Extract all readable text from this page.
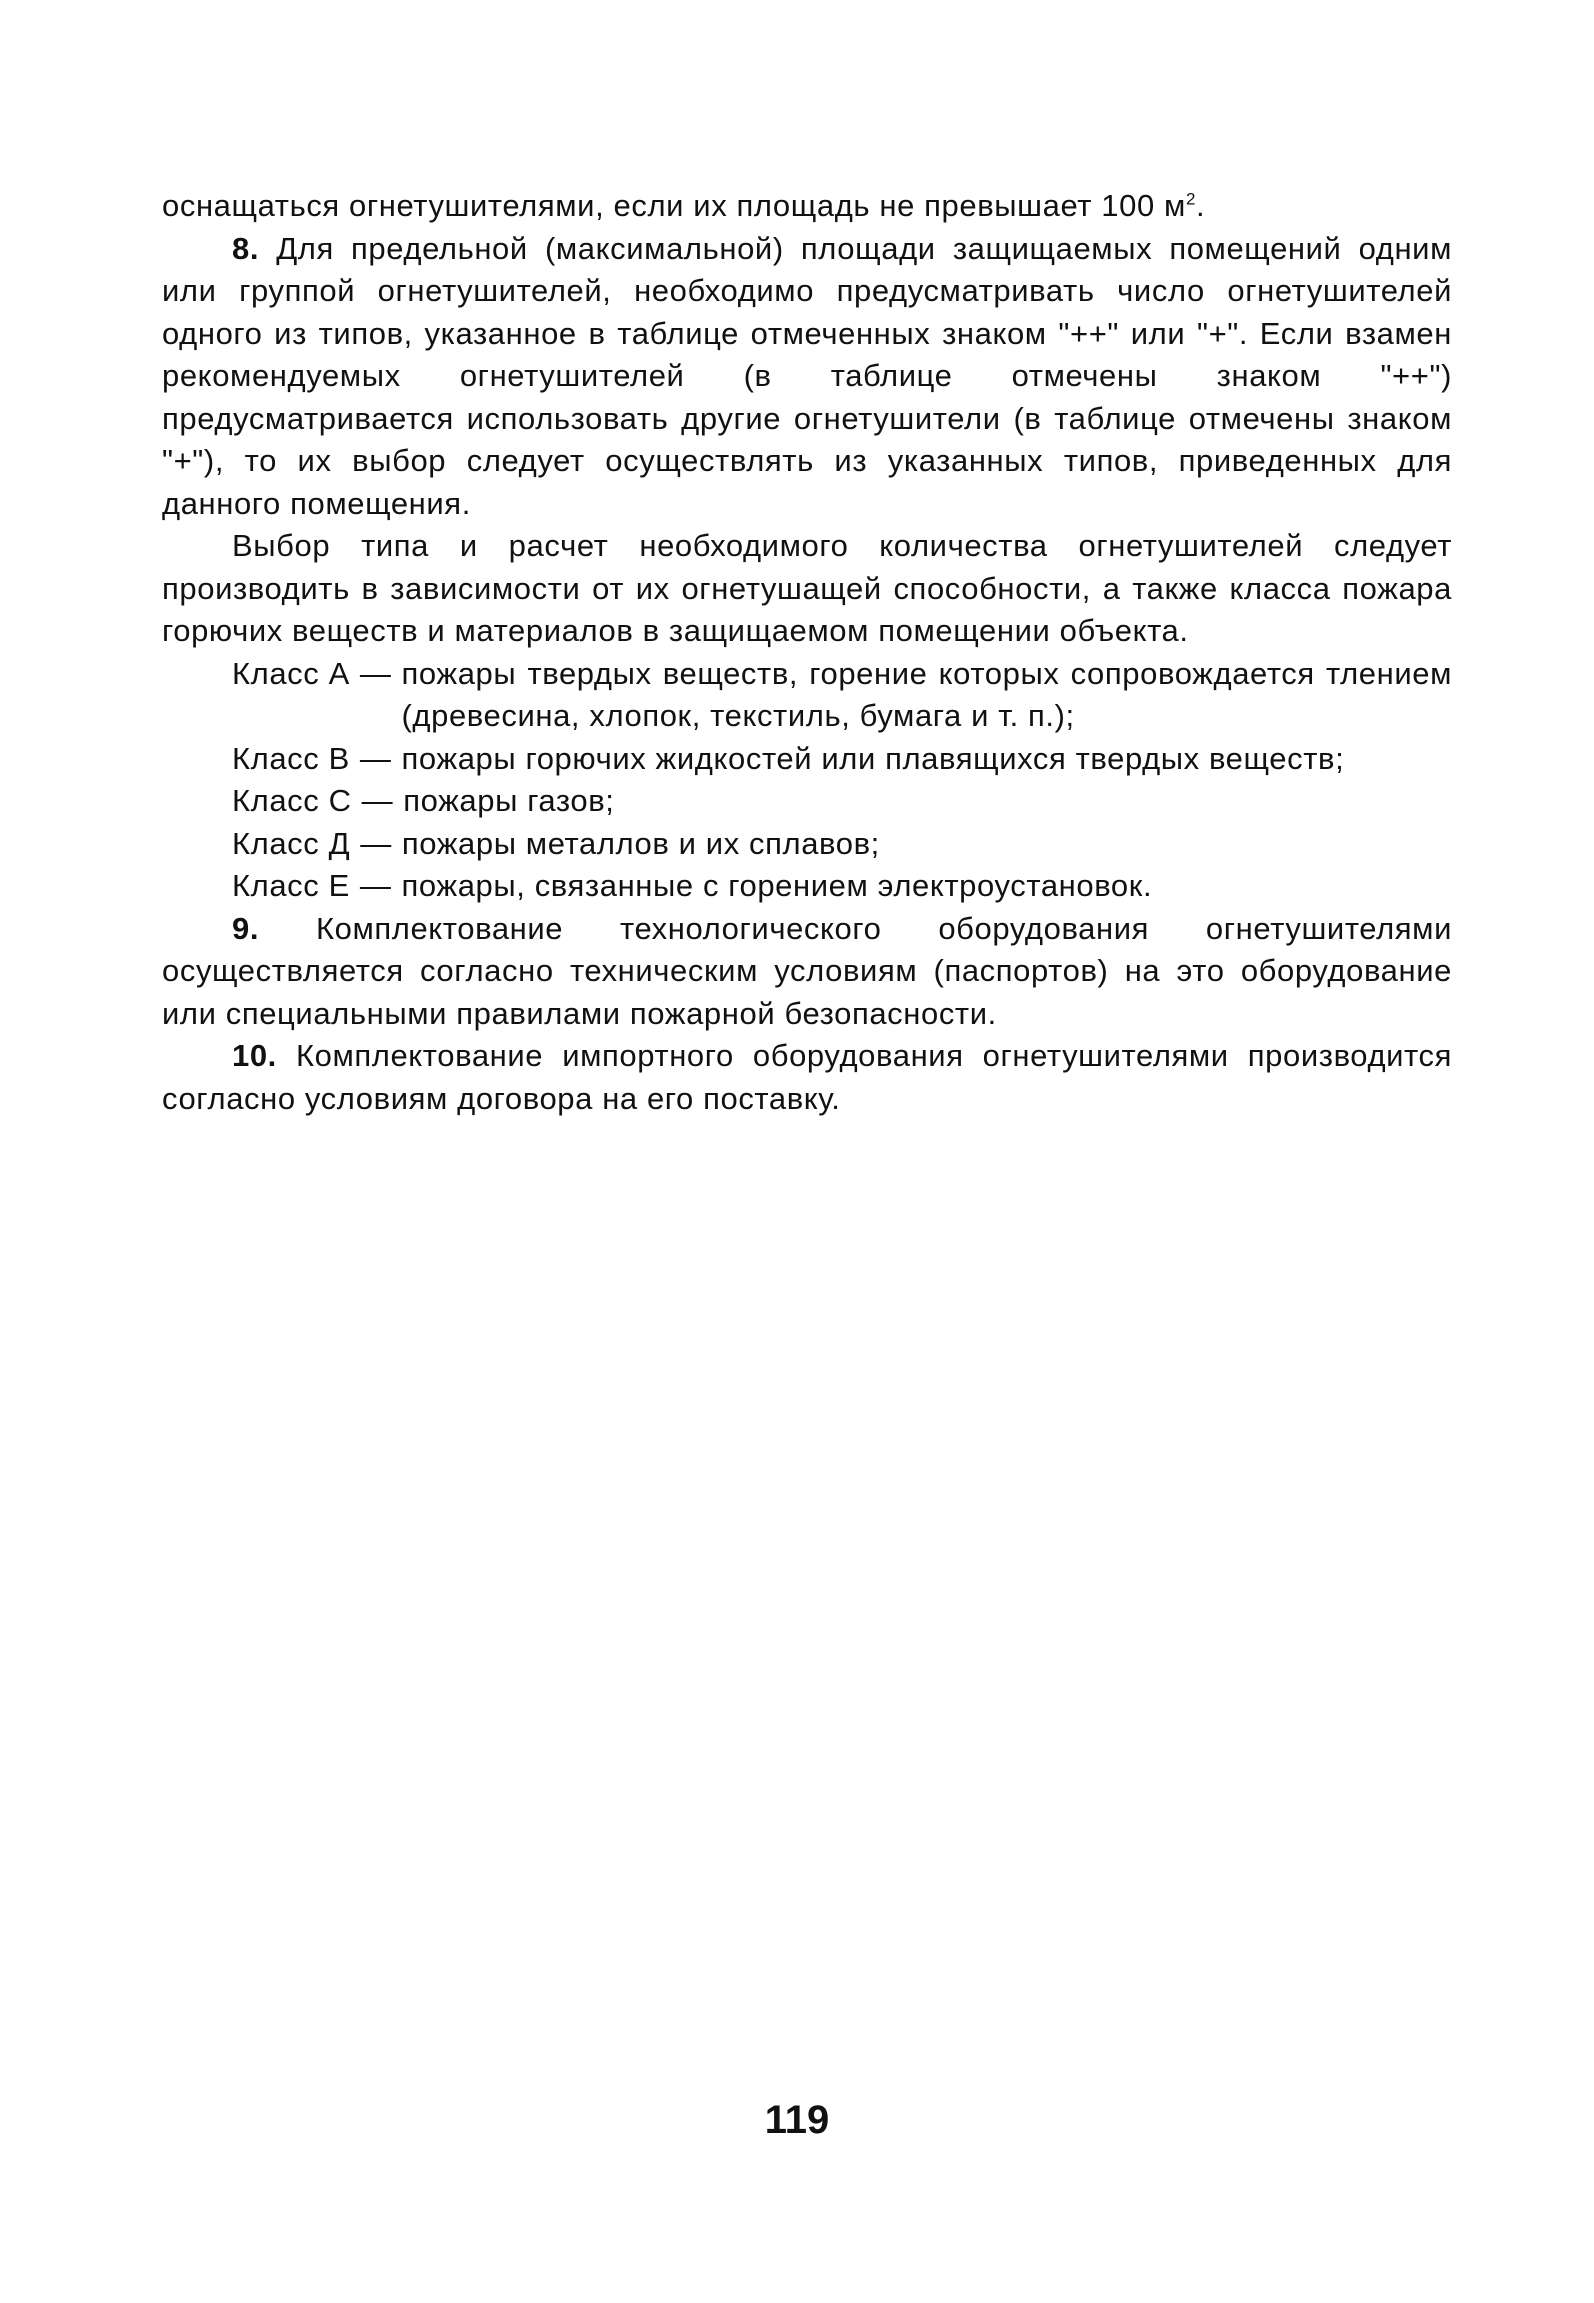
оснащаться огнетушителями, если их площадь не превышает 100 $м^2$.

8. Для предельной (максимальной) площади защищаемых помещений одним или группой огнетушителей, необходимо предусматривать число огнетушителей одного из типов, указанное в таблице отмеченных знаком "++" или "+". Если взамен рекомендуемых огнетушителей (в таблице отмечены знаком "++") предусматривается использовать другие огнетушители (в таблице отмечены знаком "+"), то их выбор следует осуществлять из указанных типов, приведенных для данного помещения.

Выбор типа и расчет необходимого количества огнетушителей следует производить в зависимости от их огнетушащей способности, а также класса пожара горючих веществ и материалов в защищаемом помещении объекта.

Класс А — пожары твердых веществ, горение которых сопровождается тлением (древесина, хлопок, текстиль, бумага и т. п.);
Класс В — пожары горючих жидкостей или плавящихся твердых веществ;
Класс С — пожары газов;
Класс Д — пожары металлов и их сплавов;
Класс Е — пожары, связанные с горением электроустановок.

9. Комплектование технологического оборудования огнетушителями осуществляется согласно техническим условиям (паспортов) на это оборудование или специальными правилами пожарной безопасности.

10. Комплектование импортного оборудования огнетушителями производится согласно условиям договора на его поставку.

119
